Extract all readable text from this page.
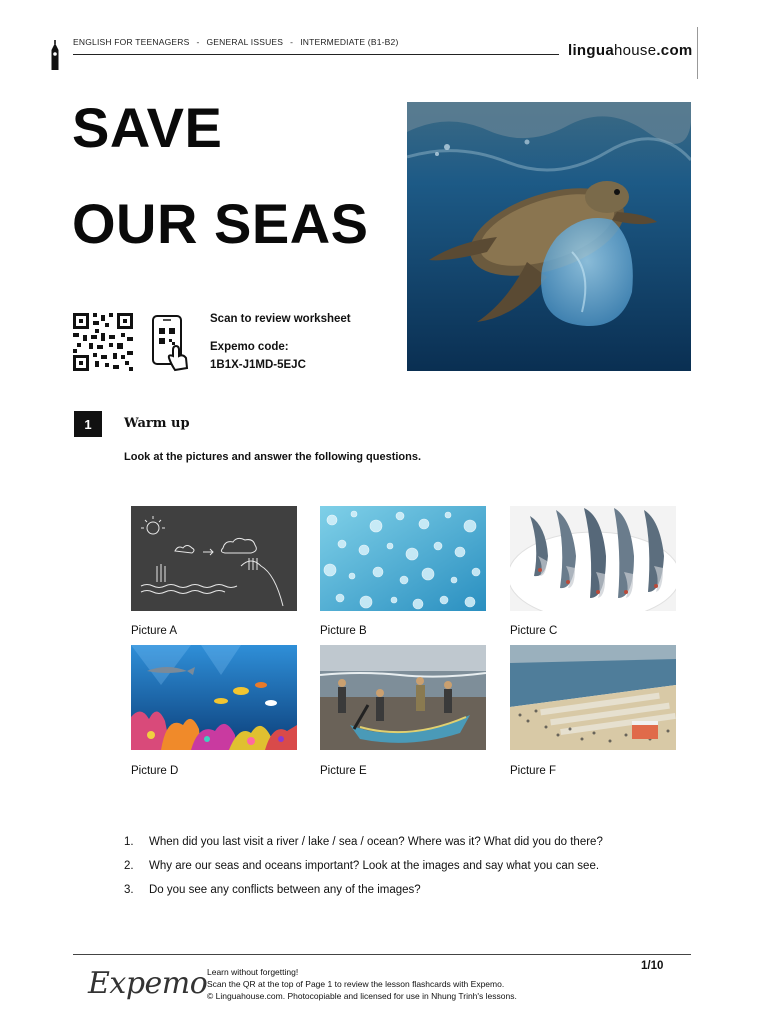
ENGLISH FOR TEENAGERS - GENERAL ISSUES - INTERMEDIATE (B1-B2)	linguahouse.com
SAVE
OUR SEAS
Scan to review worksheet
Expemo code:
1B1X-J1MD-5EJC
1	Warm up
Look at the pictures and answer the following questions.
Picture A	Picture B	Picture C
Picture D	Picture E	Picture F
1.	When did you last visit a river / lake / sea / ocean? Where was it? What did you do there?
2.	Why are our seas and oceans important? Look at the images and say what you can see.
3.	Do you see any conflicts between any of the images?
Expemo Learn without forgetting!
Scan the QR at the top of Page 1 to review the lesson flashcards with Expemo.
© Linguahouse.com. Photocopiable and licensed for use in Nhung Trinh's lessons.
1/10
